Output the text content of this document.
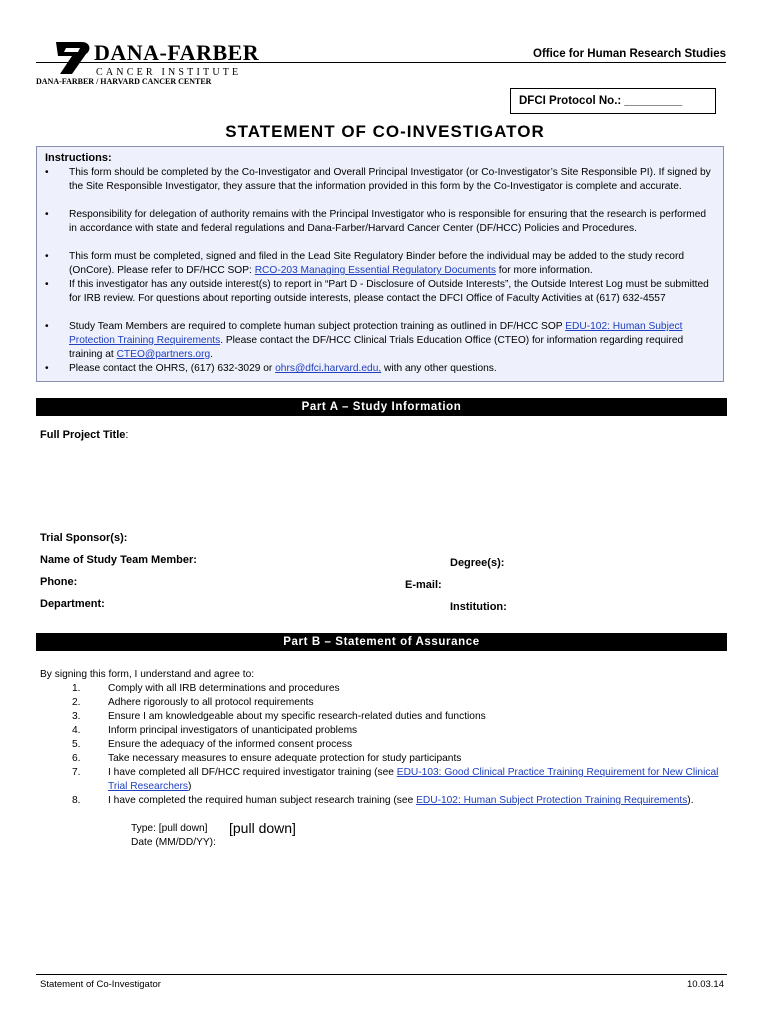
DANA-FARBER
CANCER INSTITUTE
DANA-FARBER / HARVARD CANCER CENTER
Office for Human Research Studies
DFCI Protocol No.: _________
STATEMENT OF CO-INVESTIGATOR
Instructions:
• This form should be completed by the Co-Investigator and Overall Principal Investigator (or Co-Investigator’s Site Responsible PI). If signed by the Site Responsible Investigator, they assure that the information provided in this form by the Co-Investigator is complete and accurate.
• Responsibility for delegation of authority remains with the Principal Investigator who is responsible for ensuring that the research is performed in accordance with state and federal regulations and Dana-Farber/Harvard Cancer Center (DF/HCC) Policies and Procedures.
• This form must be completed, signed and filed in the Lead Site Regulatory Binder before the individual may be added to the study record (OnCore). Please refer to DF/HCC SOP: RCO-203 Managing Essential Regulatory Documents for more information.
• If this investigator has any outside interest(s) to report in “Part D - Disclosure of Outside Interests”, the Outside Interest Log must be submitted for IRB review. For questions about reporting outside interests, please contact the DFCI Office of Faculty Activities at (617) 632-4557
• Study Team Members are required to complete human subject protection training as outlined in DF/HCC SOP EDU-102: Human Subject Protection Training Requirements. Please contact the DF/HCC Clinical Trials Education Office (CTEO) for information regarding required training at CTEO@partners.org.
• Please contact the OHRS, (617) 632-3029 or ohrs@dfci.harvard.edu, with any other questions.
Part A – Study Information
Full Project Title:
Trial Sponsor(s):
Name of Study Team Member:	Degree(s):
Phone:	E-mail:
Department:	Institution:
Part B – Statement of Assurance
By signing this form, I understand and agree to:
1.	Comply with all IRB determinations and procedures
2.	Adhere rigorously to all protocol requirements
3.	Ensure I am knowledgeable about my specific research-related duties and functions
4.	Inform principal investigators of unanticipated problems
5.	Ensure the adequacy of the informed consent process
6.	Take necessary measures to ensure adequate protection for study participants
7.	I have completed all DF/HCC required investigator training (see EDU-103: Good Clinical Practice Training Requirement for New Clinical Trial Researchers)
8.	I have completed the required human subject research training (see EDU-102: Human Subject Protection Training Requirements).
Type: [pull down] [pull down]
Date (MM/DD/YY):
Statement of Co-Investigator	10.03.14
